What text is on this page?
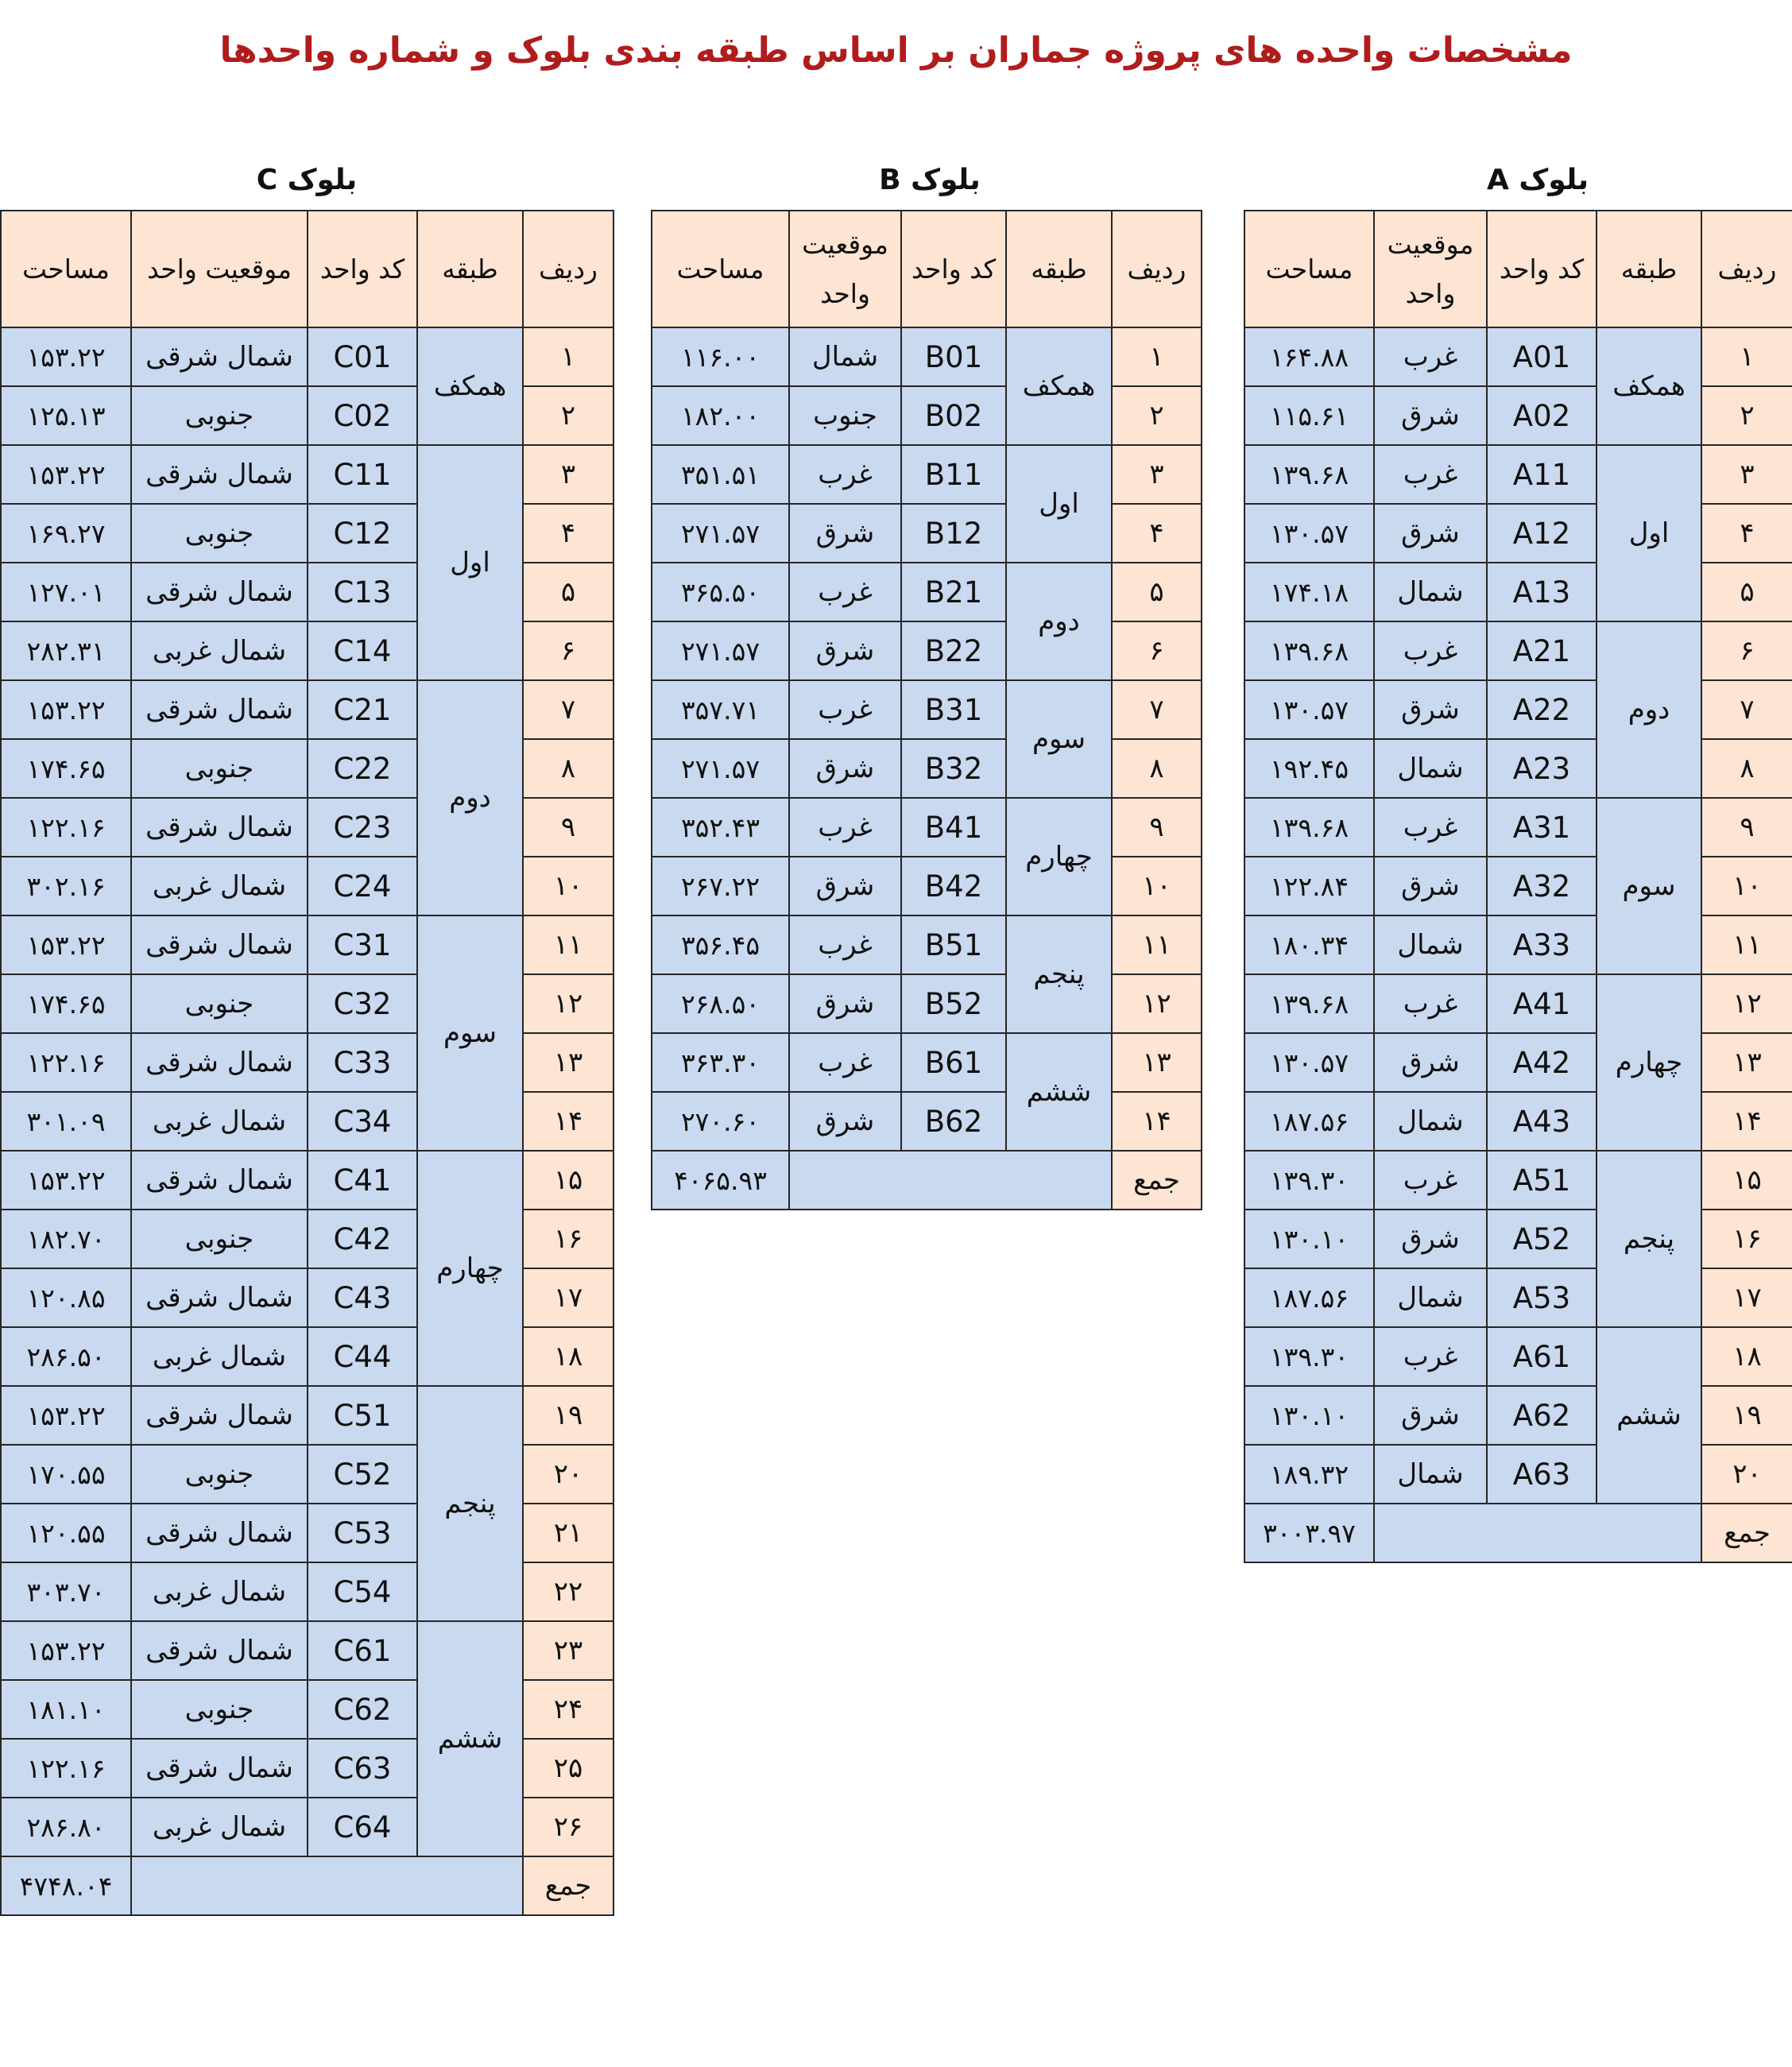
مشخصات واحده های پروژه جماران بر اساس طبقه بندی بلوک و شماره واحدها
بلوک A
بلوک B
بلوک C
ردیف	طبقه	کد واحد	موقعیت واحد	مساحت
۱	همکف	A01	غرب	۱۶۴.۸۸
۲		A02	شرق	۱۱۵.۶۱
۳	اول	A11	غرب	۱۳۹.۶۸
۴		A12	شرق	۱۳۰.۵۷
۵		A13	شمال	۱۷۴.۱۸
۶	دوم	A21	غرب	۱۳۹.۶۸
۷		A22	شرق	۱۳۰.۵۷
۸		A23	شمال	۱۹۲.۴۵
۹	سوم	A31	غرب	۱۳۹.۶۸
۱۰		A32	شرق	۱۲۲.۸۴
۱۱		A33	شمال	۱۸۰.۳۴
۱۲	چهارم	A41	غرب	۱۳۹.۶۸
۱۳		A42	شرق	۱۳۰.۵۷
۱۴		A43	شمال	۱۸۷.۵۶
۱۵	پنجم	A51	غرب	۱۳۹.۳۰
۱۶		A52	شرق	۱۳۰.۱۰
۱۷		A53	شمال	۱۸۷.۵۶
۱۸	ششم	A61	غرب	۱۳۹.۳۰
۱۹		A62	شرق	۱۳۰.۱۰
۲۰		A63	شمال	۱۸۹.۳۲
جمع				۳۰۰۳.۹۷
ردیف	طبقه	کد واحد	موقعیت واحد	مساحت
۱	همکف	B01	شمال	۱۱۶.۰۰
۲		B02	جنوب	۱۸۲.۰۰
۳	اول	B11	غرب	۳۵۱.۵۱
۴		B12	شرق	۲۷۱.۵۷
۵	دوم	B21	غرب	۳۶۵.۵۰
۶		B22	شرق	۲۷۱.۵۷
۷	سوم	B31	غرب	۳۵۷.۷۱
۸		B32	شرق	۲۷۱.۵۷
۹	چهارم	B41	غرب	۳۵۲.۴۳
۱۰		B42	شرق	۲۶۷.۲۲
۱۱	پنجم	B51	غرب	۳۵۶.۴۵
۱۲		B52	شرق	۲۶۸.۵۰
۱۳	ششم	B61	غرب	۳۶۳.۳۰
۱۴		B62	شرق	۲۷۰.۶۰
جمع				۴۰۶۵.۹۳
ردیف	طبقه	کد واحد	موقعیت واحد	مساحت
۱	همکف	C01	شمال شرقی	۱۵۳.۲۲
۲		C02	جنوبی	۱۲۵.۱۳
۳	اول	C11	شمال شرقی	۱۵۳.۲۲
۴		C12	جنوبی	۱۶۹.۲۷
۵		C13	شمال شرقی	۱۲۷.۰۱
۶		C14	شمال غربی	۲۸۲.۳۱
۷	دوم	C21	شمال شرقی	۱۵۳.۲۲
۸		C22	جنوبی	۱۷۴.۶۵
۹		C23	شمال شرقی	۱۲۲.۱۶
۱۰		C24	شمال غربی	۳۰۲.۱۶
۱۱	سوم	C31	شمال شرقی	۱۵۳.۲۲
۱۲		C32	جنوبی	۱۷۴.۶۵
۱۳		C33	شمال شرقی	۱۲۲.۱۶
۱۴		C34	شمال غربی	۳۰۱.۰۹
۱۵	چهارم	C41	شمال شرقی	۱۵۳.۲۲
۱۶		C42	جنوبی	۱۸۲.۷۰
۱۷		C43	شمال شرقی	۱۲۰.۸۵
۱۸		C44	شمال غربی	۲۸۶.۵۰
۱۹	پنجم	C51	شمال شرقی	۱۵۳.۲۲
۲۰		C52	جنوبی	۱۷۰.۵۵
۲۱		C53	شمال شرقی	۱۲۰.۵۵
۲۲		C54	شمال غربی	۳۰۳.۷۰
۲۳	ششم	C61	شمال شرقی	۱۵۳.۲۲
۲۴		C62	جنوبی	۱۸۱.۱۰
۲۵		C63	شمال شرقی	۱۲۲.۱۶
۲۶		C64	شمال غربی	۲۸۶.۸۰
جمع				۴۷۴۸.۰۴
